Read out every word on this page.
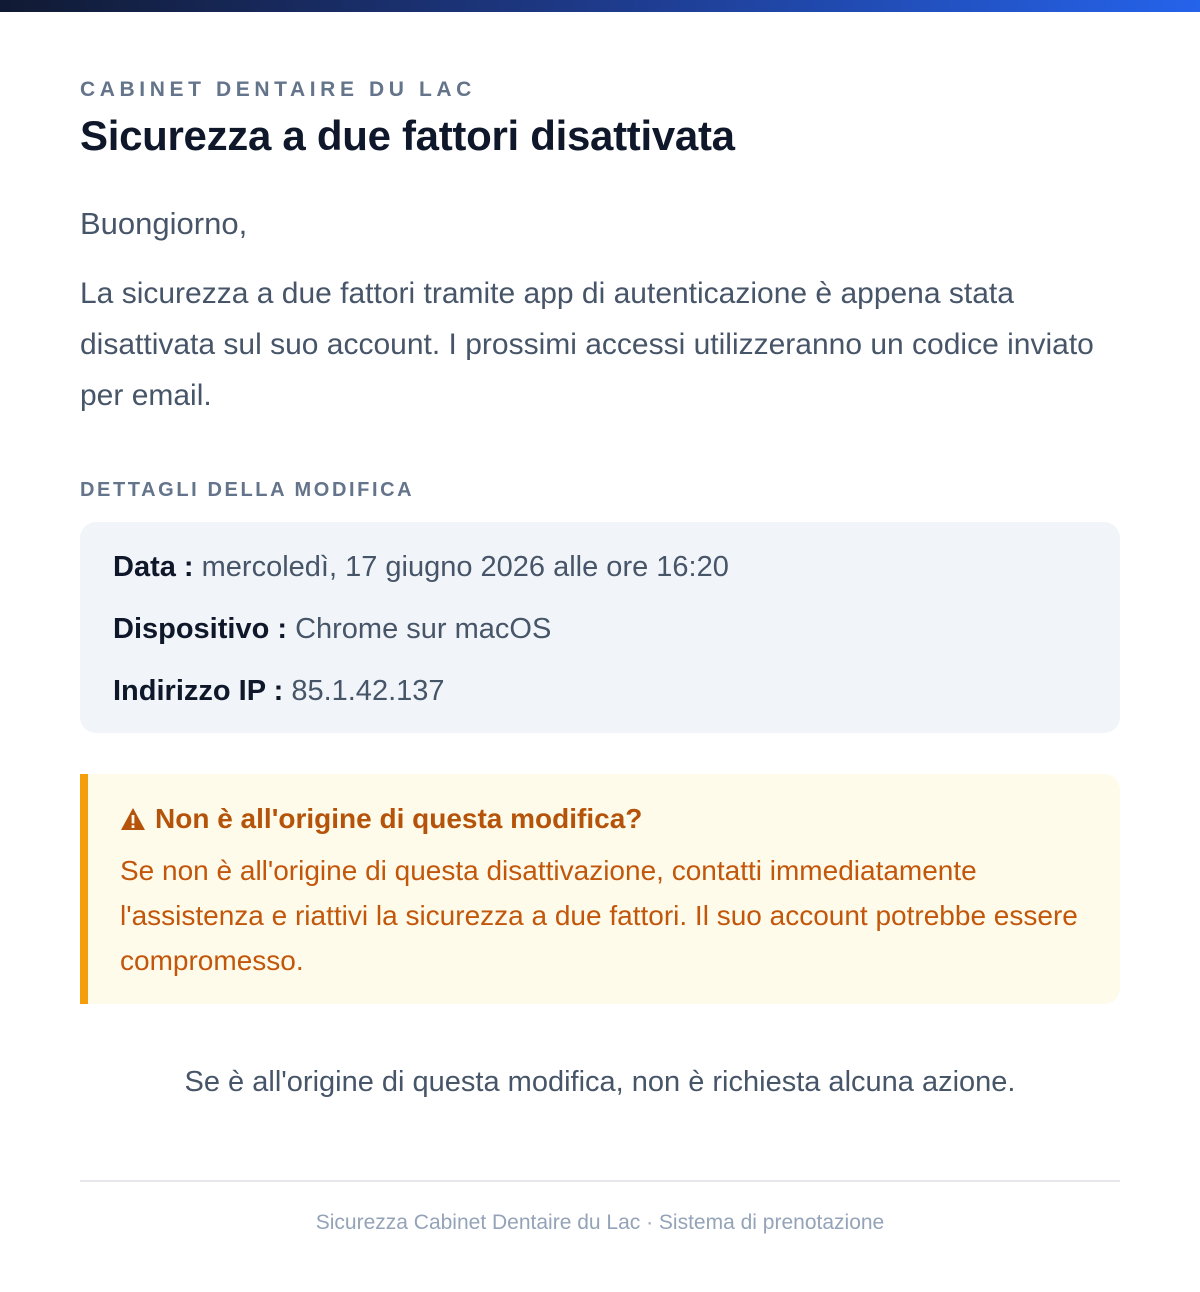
CABINET DENTAIRE DU LAC
Sicurezza a due fattori disattivata

Buongiorno,

La sicurezza a due fattori tramite app di autenticazione è appena stata disattivata sul suo account. I prossimi accessi utilizzeranno un codice inviato per email.

DETTAGLI DELLA MODIFICA
Data : mercoledì, 17 giugno 2026 alle ore 16:20
Dispositivo : Chrome sur macOS
Indirizzo IP : 85.1.42.137
Non è all'origine di questa modifica?

Se non è all'origine di questa disattivazione, contatti immediatamente l'assistenza e riattivi la sicurezza a due fattori. Il suo account potrebbe essere compromesso.

Se è all'origine di questa modifica, non è richiesta alcuna azione.

Sicurezza Cabinet Dentaire du Lac · Sistema di prenotazione
